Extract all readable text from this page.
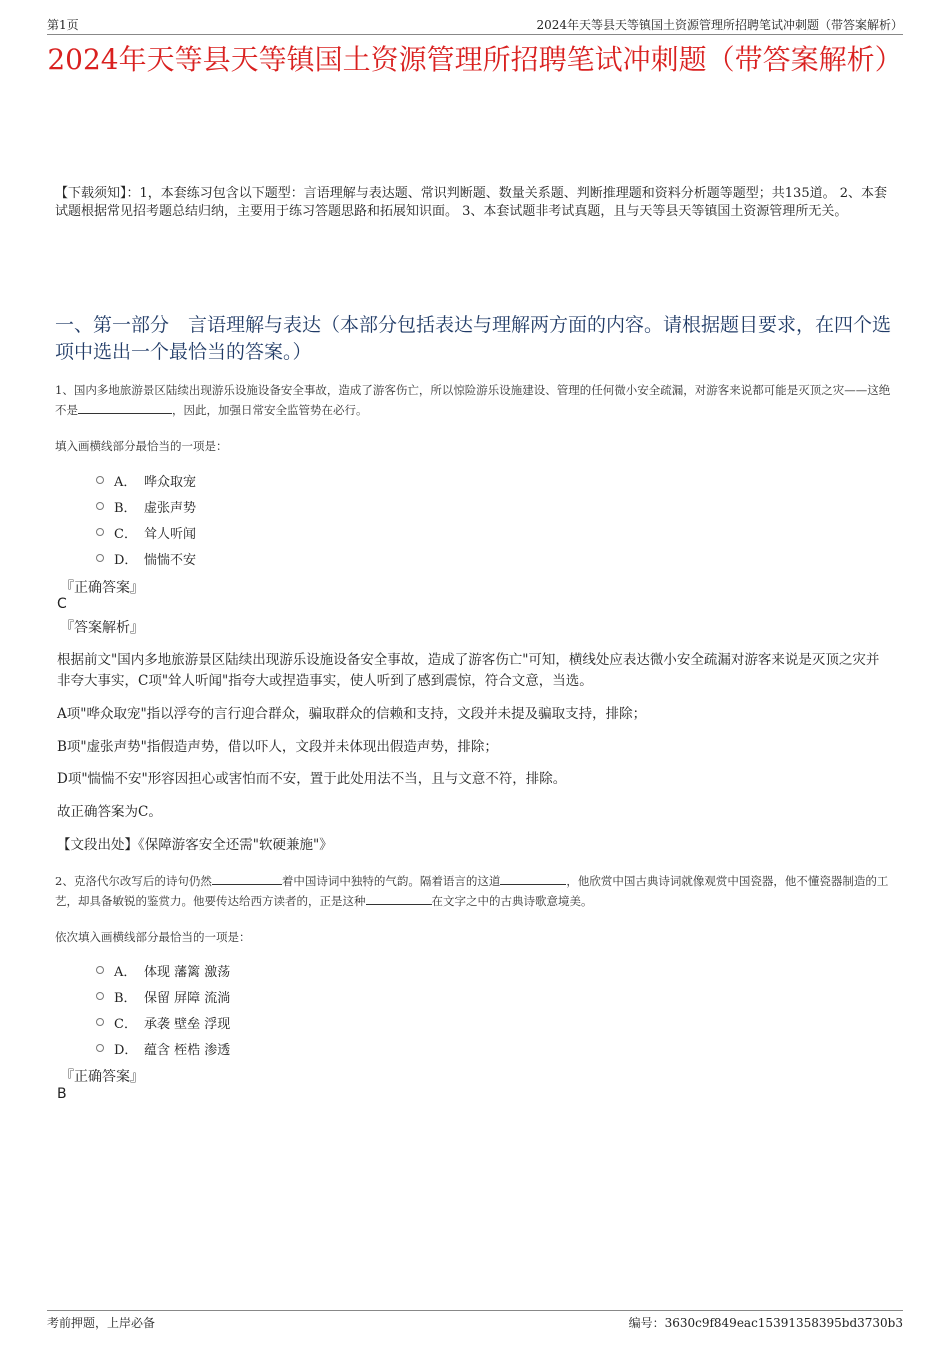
第1页	2024年天等县天等镇国土资源管理所招聘笔试冲刺题（带答案解析）
2024年天等县天等镇国土资源管理所招聘笔试冲刺题（带答案解析）
【下载须知】：1，本套练习包含以下题型：言语理解与表达题、常识判断题、数量关系题、判断推理题和资料分析题等题型；共135道。 2、本套试题根据常见招考题总结归纳，主要用于练习答题思路和拓展知识面。 3、本套试题非考试真题，且与天等县天等镇国土资源管理所无关。
一、第一部分　言语理解与表达（本部分包括表达与理解两方面的内容。请根据题目要求，在四个选项中选出一个最恰当的答案。）
1、国内多地旅游景区陆续出现游乐设施设备安全事故，造成了游客伤亡，所以惊险游乐设施建设、管理的任何微小安全疏漏，对游客来说都可能是灭顶之灾——这绝不是	，因此，加强日常安全监管势在必行。
填入画横线部分最恰当的一项是：
A． 哗众取宠
B． 虚张声势
C． 耸人听闻
D． 惴惴不安
『正确答案』
C
『答案解析』
根据前文"国内多地旅游景区陆续出现游乐设施设备安全事故，造成了游客伤亡"可知，横线处应表达微小安全疏漏对游客来说是灭顶之灾并非夸大事实，C项"耸人听闻"指夸大或捏造事实，使人听到了感到震惊，符合文意，当选。
A项"哗众取宠"指以浮夸的言行迎合群众，骗取群众的信赖和支持，文段并未提及骗取支持，排除；
B项"虚张声势"指假造声势，借以吓人，文段并未体现出假造声势，排除；
D项"惴惴不安"形容因担心或害怕而不安，置于此处用法不当，且与文意不符，排除。
故正确答案为C。
【文段出处】《保障游客安全还需"软硬兼施"》
2、克洛代尔改写后的诗句仍然	着中国诗词中独特的气韵。隔着语言的这道	，他欣赏中国古典诗词就像观赏中国瓷器，他不懂瓷器制造的工艺，却具备敏锐的鉴赏力。他要传达给西方读者的，正是这种	在文字之中的古典诗歌意境美。
依次填入画横线部分最恰当的一项是：
A． 体现 藩篱 激荡
B． 保留 屏障 流淌
C． 承袭 壁垒 浮现
D． 蕴含 桎梏 渗透
『正确答案』
B
考前押题，上岸必备	编号：3630c9f849eac15391358395bd3730b3
